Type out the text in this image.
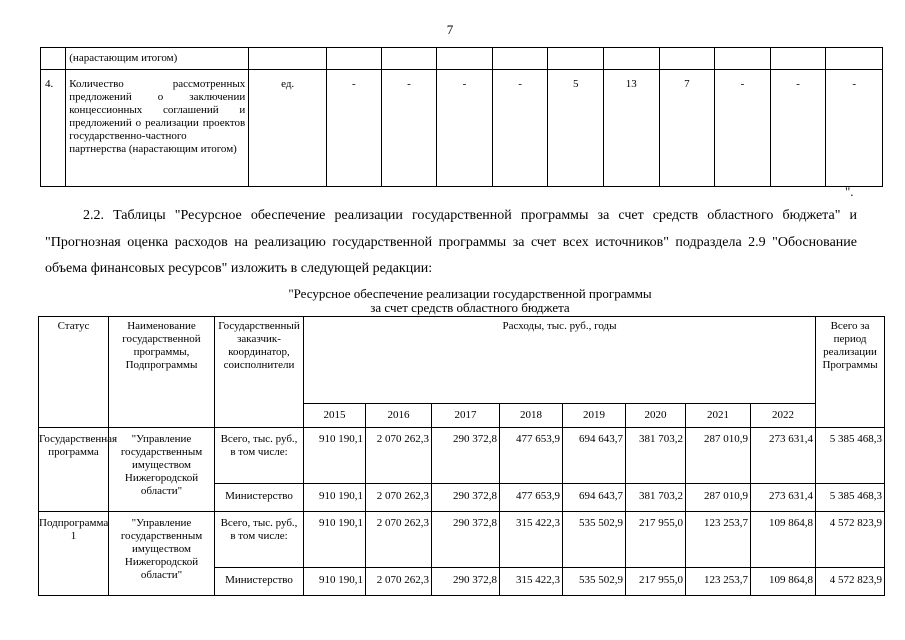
7
	(нарастающим итогом)											
4.	Количество рассмотренных предложений о заключении концессионных соглашений и предложений о реализации проектов государственно-частного партнерства (нарастающим итогом)	ед.	-	-	-	-	5	13	7	-	-	-
".
2.2. Таблицы "Ресурсное обеспечение реализации государственной программы за счет средств областного бюджета" и "Прогнозная оценка расходов на реализацию государственной программы за счет всех источников" подраздела 2.9 "Обоснование объема финансовых ресурсов" изложить в следующей редакции:
"Ресурсное обеспечение реализации государственной программы
за счет средств областного бюджета
Статус	Наименование государственной программы, Подпрограммы	Государственный заказчик-координатор, соисполнители	Расходы, тыс. руб., годы								Всего за период реализации Программы
			2015	2016	2017	2018	2019	2020	2021	2022	
Государственная программа	"Управление государственным имуществом Нижегородской области"	Всего, тыс. руб., в том числе:	910 190,1	2 070 262,3	290 372,8	477 653,9	694 643,7	381 703,2	287 010,9	273 631,4	5 385 468,3
		Министерство	910 190,1	2 070 262,3	290 372,8	477 653,9	694 643,7	381 703,2	287 010,9	273 631,4	5 385 468,3
Подпрограмма 1	"Управление государственным имуществом Нижегородской области"	Всего, тыс. руб., в том числе:	910 190,1	2 070 262,3	290 372,8	315 422,3	535 502,9	217 955,0	123 253,7	109 864,8	4 572 823,9
		Министерство	910 190,1	2 070 262,3	290 372,8	315 422,3	535 502,9	217 955,0	123 253,7	109 864,8	4 572 823,9
